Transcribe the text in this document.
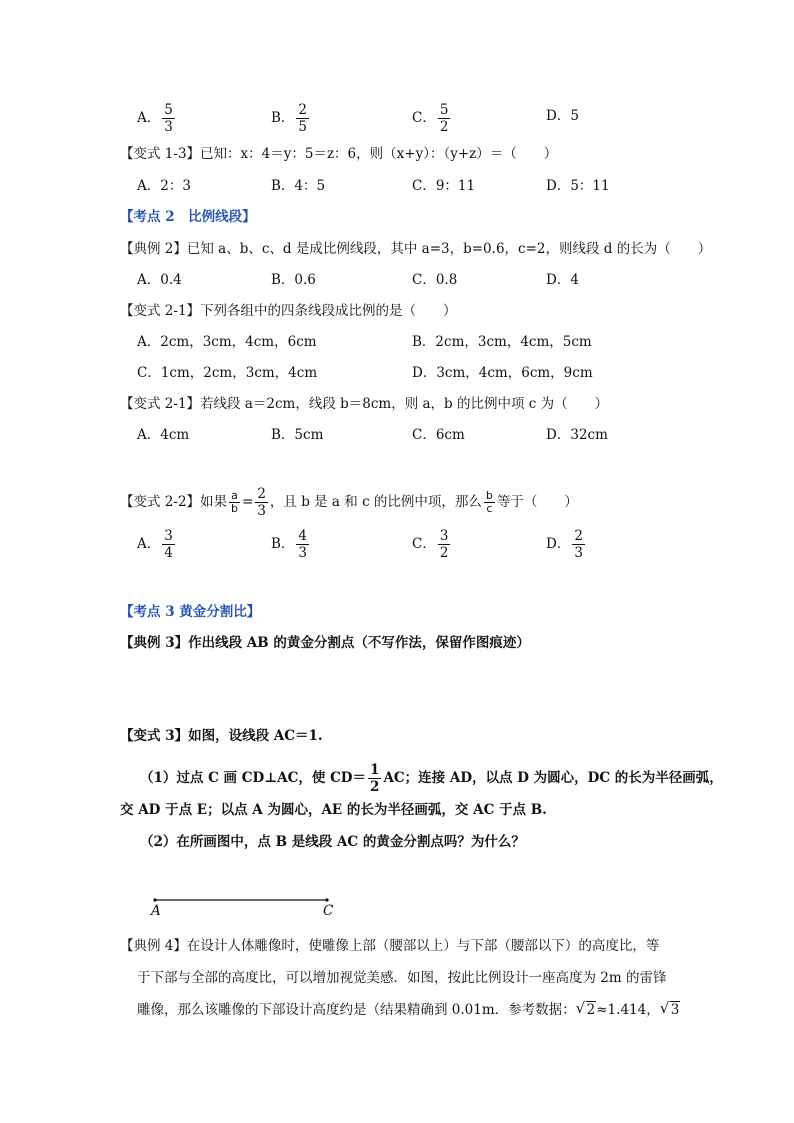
A． $\frac{5}{3}$	B． $\frac{2}{5}$	C． $\frac{5}{2}$	D．5
【变式 1-3】已知：x：4＝y：5＝z：6，则（x+y）：（y+z）＝（　　）
A．2：3	B．4：5	C．9：11	D．5：11
【考点 2　比例线段】
【典例 2】已知 a、b、c、d 是成比例线段，其中 a=3，b=0.6，c=2，则线段 d 的长为（　　）
A．0.4	B．0.6	C．0.8	D．4
【变式 2-1】下列各组中的四条线段成比例的是（　　）
A．2cm，3cm，4cm，6cm	B．2cm，3cm，4cm，5cm
C．1cm，2cm，3cm，4cm	D．3cm，4cm，6cm，9cm
【变式 2-1】若线段 a＝2cm，线段 b＝8cm，则 a，b 的比例中项 c 为（　　）
A．4cm	B．5cm	C．6cm	D．32cm
【变式 2-2】如果 $\frac{a}{b} = \frac{2}{3}$ ，且 b 是 a 和 c 的比例中项，那么 $\frac{b}{c}$ 等于（　　）
A． $\frac{3}{4}$	B． $\frac{4}{3}$	C． $\frac{3}{2}$	D． $\frac{2}{3}$
【考点 3 黄金分割比】
【典例 3】作出线段 AB 的黄金分割点（不写作法，保留作图痕迹）
【变式 3】如图，设线段 AC＝1.
（1）过点 C 画 CD⊥AC，使 $CD= \frac{1}{2}$ AC；连接 AD，以点 D 为圆心，DC 的长为半径画弧，
交 AD 于点 E；以点 A 为圆心，AE 的长为半径画弧，交 AC 于点 B.
（2）在所画图中，点 B 是线段 AC 的黄金分割点吗？为什么？
A	C
【典例 4】在设计人体雕像时，使雕像上部（腰部以上）与下部（腰部以下）的高度比，等
于下部与全部的高度比，可以增加视觉美感．如图，按此比例设计一座高度为 2m 的雷锋
雕像，那么该雕像的下部设计高度约是（结果精确到 0.01m．参考数据： √ 2≈1.414， √ 3
